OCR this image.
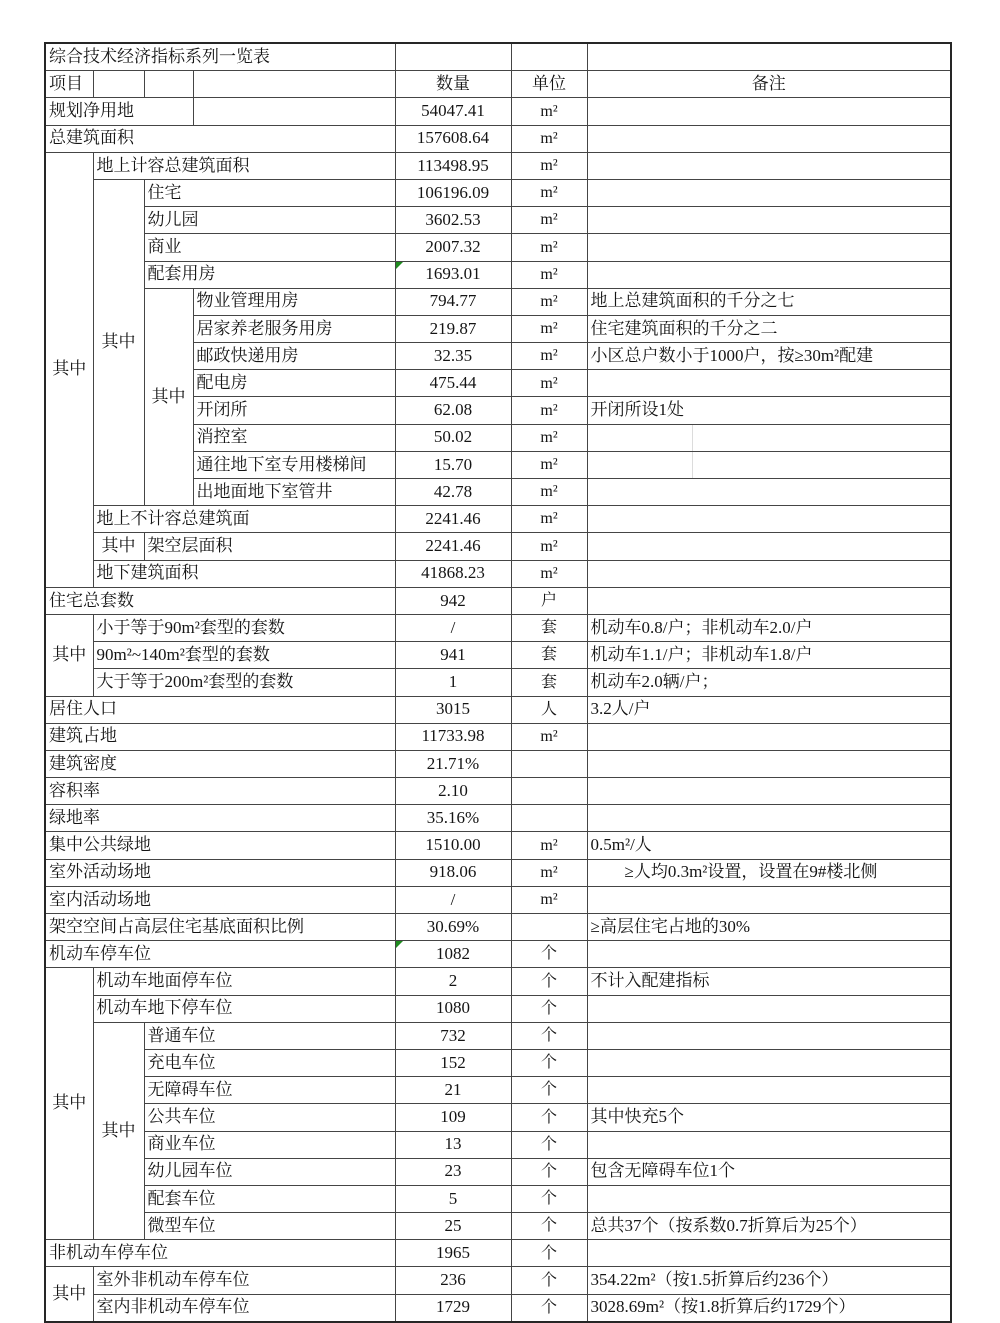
综合技术经济指标系列一览表						
项目				数量	单位	备注
规划净用地				54047.41	m²	
总建筑面积				157608.64	m²	
其中	地上计容总建筑面积			113498.95	m²	
	其中	住宅		106196.09	m²	
		幼儿园		3602.53	m²	
		商业		2007.32	m²	
		配套用房		1693.01	m²	
		其中	物业管理用房	794.77	m²	地上总建筑面积的千分之七
			居家养老服务用房	219.87	m²	住宅建筑面积的千分之二
			邮政快递用房	32.35	m²	小区总户数小于1000户，按≥30m²配建
			配电房	475.44	m²	
			开闭所	62.08	m²	开闭所设1处
			消控室	50.02	m²	
			通往地下室专用楼梯间	15.70	m²	
			出地面地下室管井	42.78	m²	
	地上不计容总建筑面			2241.46	m²	
	其中	架空层面积		2241.46	m²	
	地下建筑面积			41868.23	m²	
住宅总套数				942	户	
其中	小于等于90m²套型的套数			/	套	机动车0.8/户；非机动车2.0/户
	90m²~140m²套型的套数			941	套	机动车1.1/户；非机动车1.8/户
	大于等于200m²套型的套数			1	套	机动车2.0辆/户；
居住人口				3015	人	3.2人/户
建筑占地				11733.98	m²	
建筑密度				21.71%		
容积率				2.10		
绿地率				35.16%		
集中公共绿地				1510.00	m²	0.5m²/人
室外活动场地				918.06	m²	　　≥人均0.3m²设置，设置在9#楼北侧
室内活动场地				/	m²	
架空空间占高层住宅基底面积比例				30.69%		≥高层住宅占地的30%
机动车停车位				1082	个	
其中	机动车地面停车位			2	个	不计入配建指标
	机动车地下停车位			1080	个	
	其中	普通车位		732	个	
		充电车位		152	个	
		无障碍车位		21	个	
		公共车位		109	个	其中快充5个
		商业车位		13	个	
		幼儿园车位		23	个	包含无障碍车位1个
		配套车位		5	个	
		微型车位		25	个	总共37个（按系数0.7折算后为25个）
非机动车停车位				1965	个	
其中	室外非机动车停车位			236	个	354.22m²（按1.5折算后约236个）
	室内非机动车停车位			1729	个	3028.69m²（按1.8折算后约1729个）
